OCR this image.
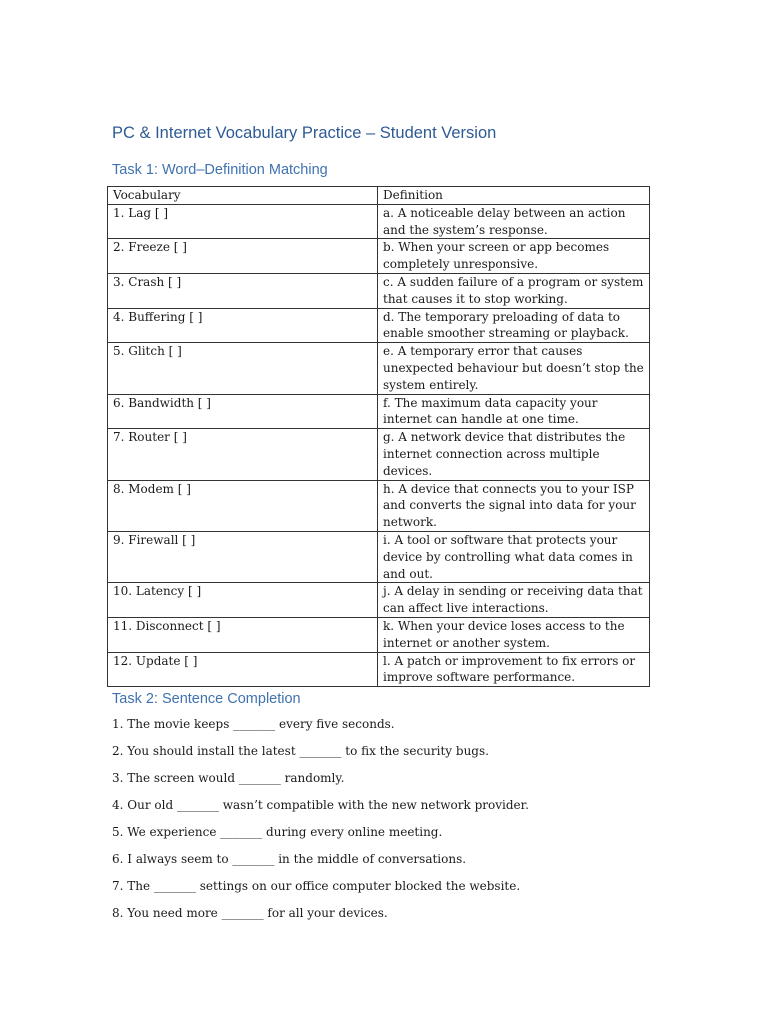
PC & Internet Vocabulary Practice – Student Version
Task 1: Word–Definition Matching
Vocabulary	Definition
1. Lag [ ]	a. A noticeable delay between an action and the system’s response.
2. Freeze [ ]	b. When your screen or app becomes completely unresponsive.
3. Crash [ ]	c. A sudden failure of a program or system that causes it to stop working.
4. Buffering [ ]	d. The temporary preloading of data to enable smoother streaming or playback.
5. Glitch [ ]	e. A temporary error that causes unexpected behaviour but doesn’t stop the system entirely.
6. Bandwidth [ ]	f. The maximum data capacity your internet can handle at one time.
7. Router [ ]	g. A network device that distributes the internet connection across multiple devices.
8. Modem [ ]	h. A device that connects you to your ISP and converts the signal into data for your network.
9. Firewall [ ]	i. A tool or software that protects your device by controlling what data comes in and out.
10. Latency [ ]	j. A delay in sending or receiving data that can affect live interactions.
11. Disconnect [ ]	k. When your device loses access to the internet or another system.
12. Update [ ]	l. A patch or improvement to fix errors or improve software performance.
Task 2: Sentence Completion
1. The movie keeps _______ every five seconds.
2. You should install the latest _______ to fix the security bugs.
3. The screen would _______ randomly.
4. Our old _______ wasn’t compatible with the new network provider.
5. We experience _______ during every online meeting.
6. I always seem to _______ in the middle of conversations.
7. The _______ settings on our office computer blocked the website.
8. You need more _______ for all your devices.
